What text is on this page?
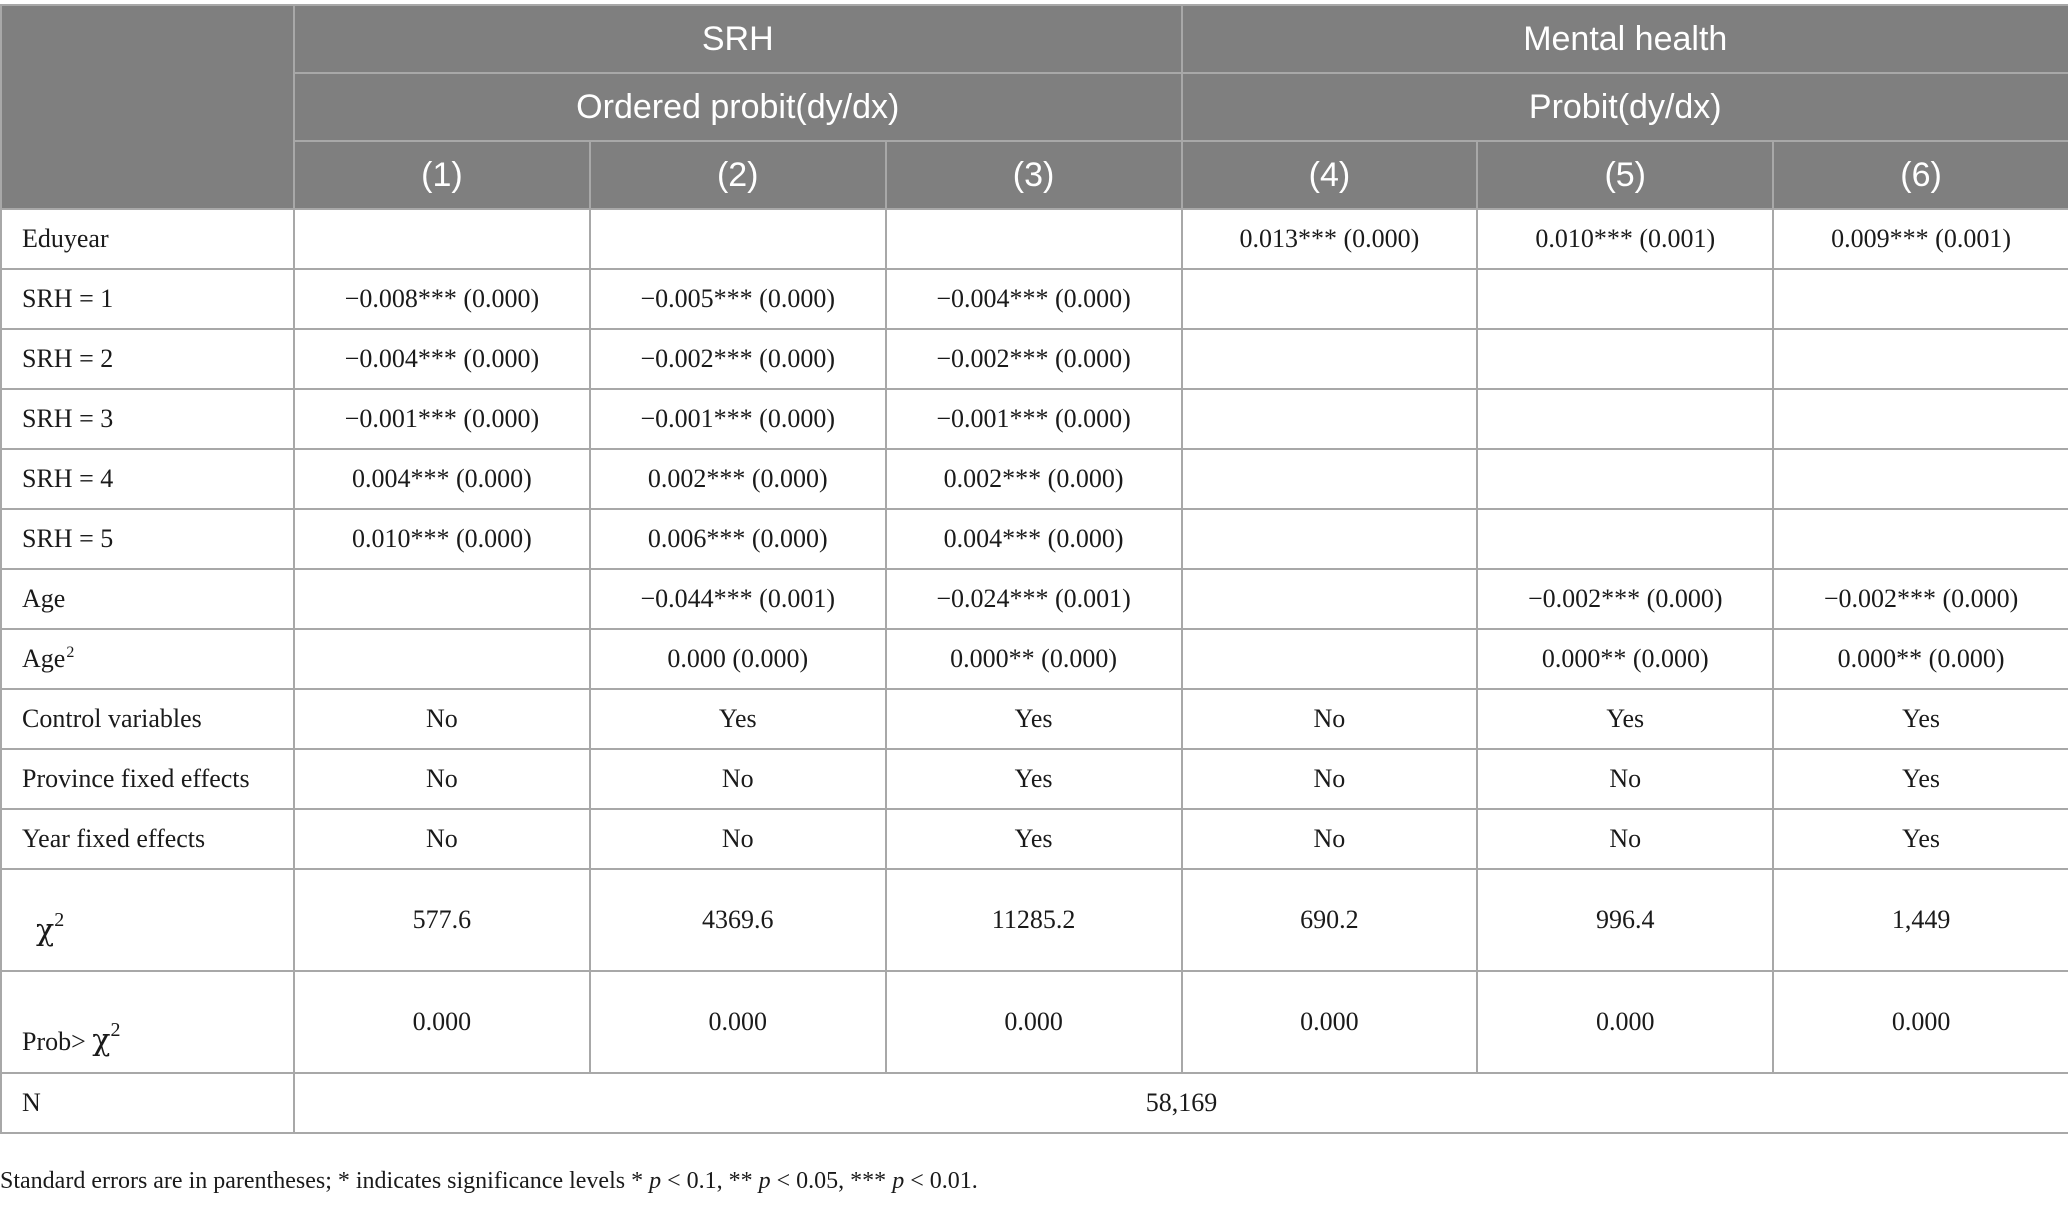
	SRH			Mental health		
	Ordered probit(dy/dx)			Probit(dy/dx)		
	(1)	(2)	(3)	(4)	(5)	(6)
Eduyear				0.013*** (0.000)	0.010*** (0.001)	0.009*** (0.001)
SRH = 1	−0.008*** (0.000)	−0.005*** (0.000)	−0.004*** (0.000)			
SRH = 2	−0.004*** (0.000)	−0.002*** (0.000)	−0.002*** (0.000)			
SRH = 3	−0.001*** (0.000)	−0.001*** (0.000)	−0.001*** (0.000)			
SRH = 4	0.004*** (0.000)	0.002*** (0.000)	0.002*** (0.000)			
SRH = 5	0.010*** (0.000)	0.006*** (0.000)	0.004*** (0.000)			
Age		−0.044*** (0.001)	−0.024*** (0.001)		−0.002*** (0.000)	−0.002*** (0.000)
Age$^2$		0.000 (0.000)	0.000** (0.000)		0.000** (0.000)	0.000** (0.000)
Control variables	No	Yes	Yes	No	Yes	Yes
Province fixed effects	No	No	Yes	No	No	Yes
Year fixed effects	No	No	Yes	No	No	Yes
$\chi^2$	577.6	4369.6	11285.2	690.2	996.4	1,449
Prob> $\chi^2$	0.000	0.000	0.000	0.000	0.000	0.000
N	58,169					
Standard errors are in parentheses; * indicates significance levels * p < 0.1, ** p < 0.05, *** p < 0.01.
